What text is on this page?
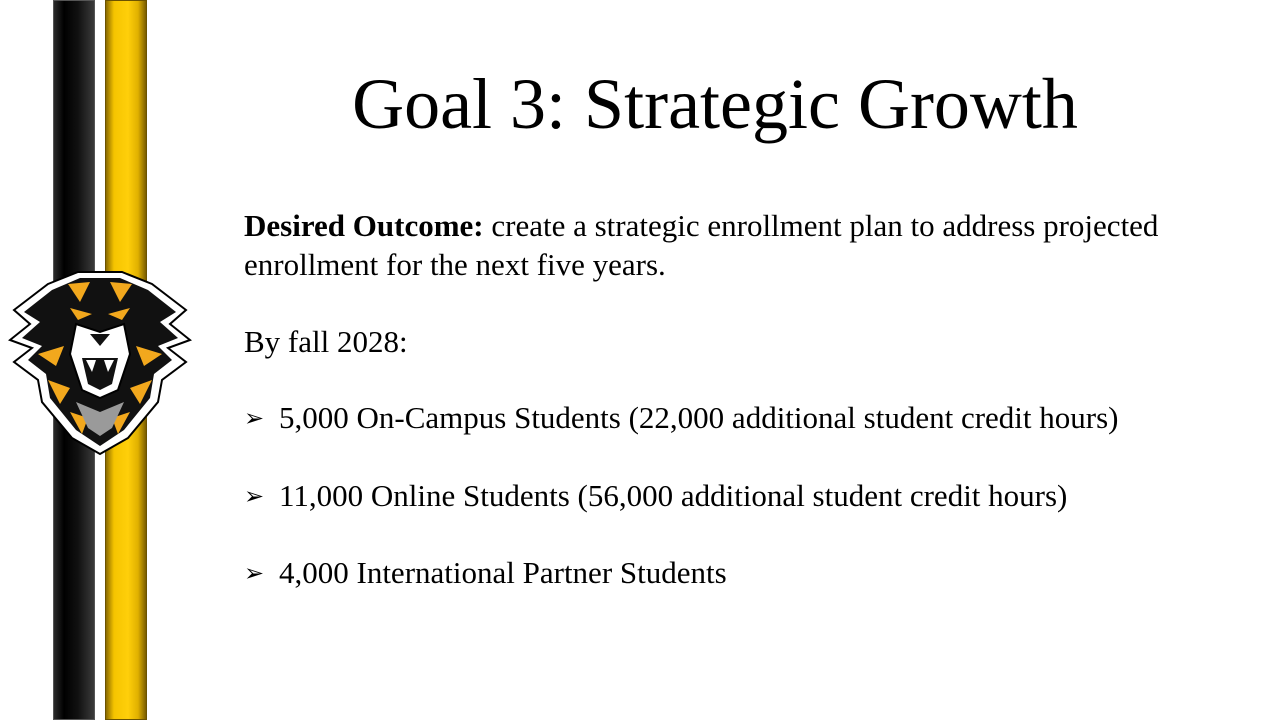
Goal 3: Strategic Growth
Desired Outcome: create a strategic enrollment plan to address projected enrollment for the next five years.
By fall 2028:
➢ 5,000 On-Campus Students (22,000 additional student credit hours)
➢ 11,000 Online Students (56,000 additional student credit hours)
➢ 4,000 International Partner Students
